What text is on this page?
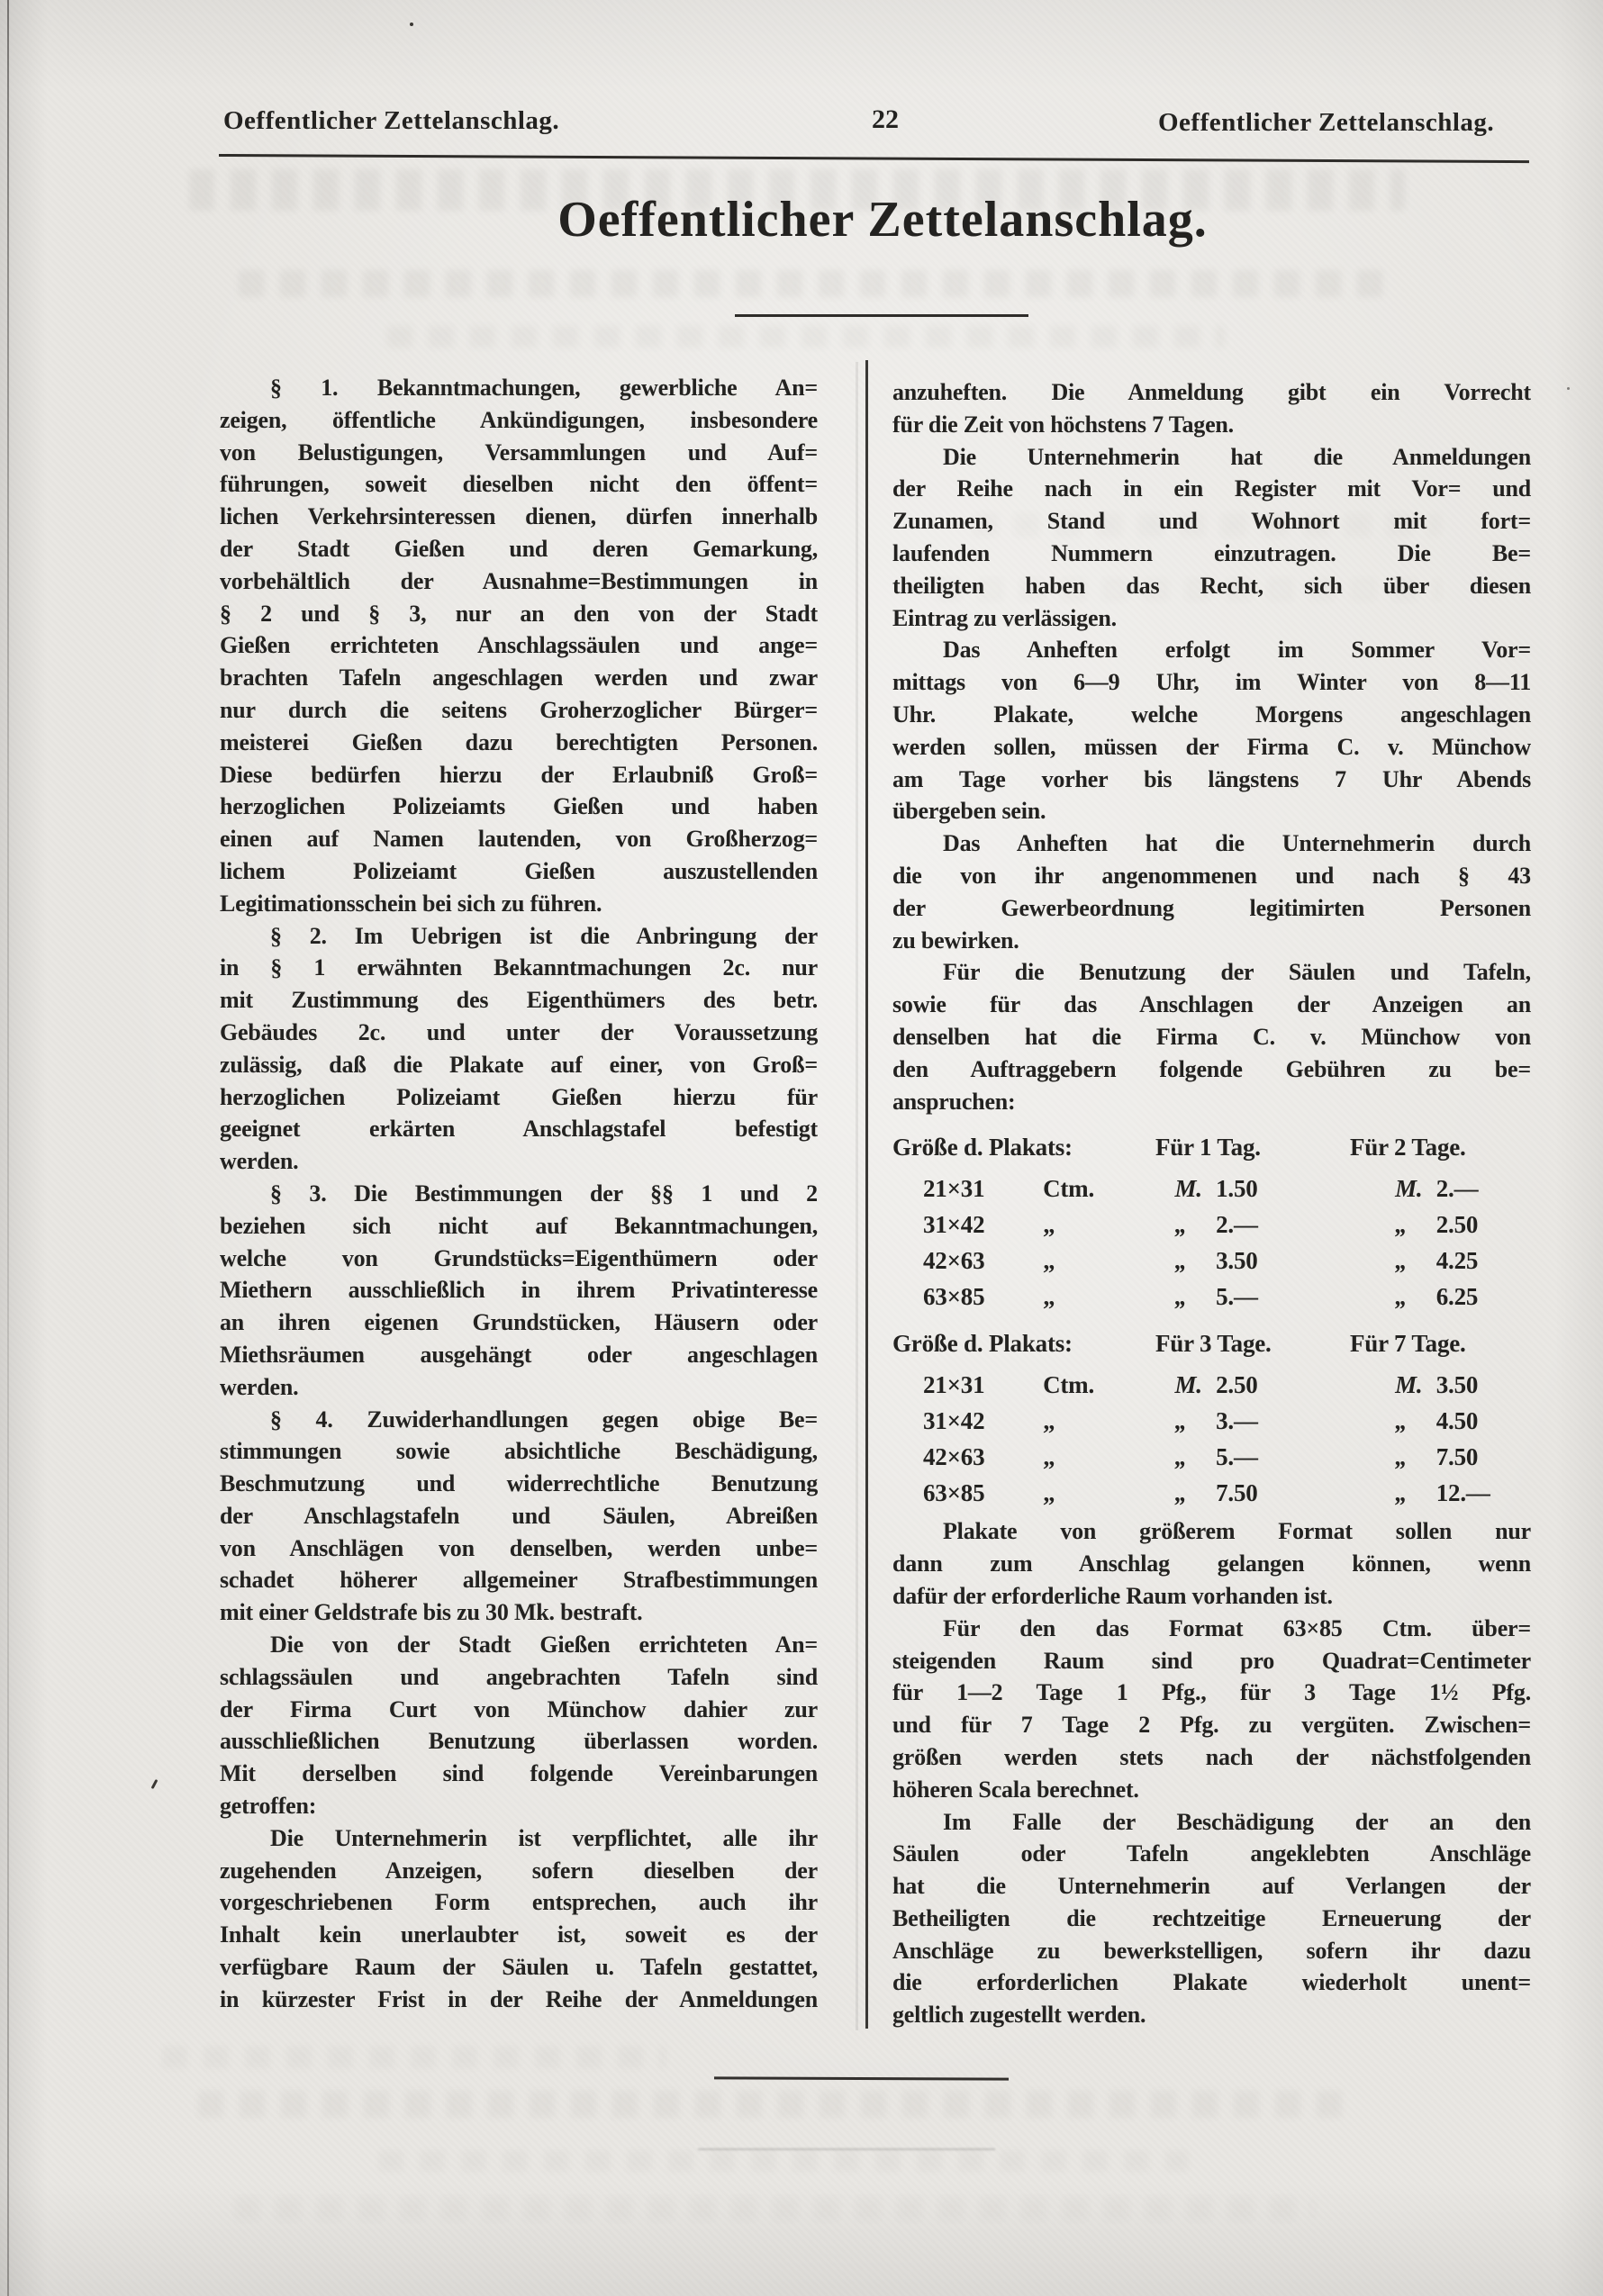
Oeffentlicher Zettelanschlag.	22	Oeffentlicher Zettelanschlag.
Oeffentlicher Zettelanschlag.
§ 1. Bekanntmachungen, gewerbliche An=
zeigen, öffentliche Ankündigungen, insbesondere
von Belustigungen, Versammlungen und Auf=
führungen, soweit dieselben nicht den öffent=
lichen Verkehrsinteressen dienen, dürfen innerhalb
der Stadt Gießen und deren Gemarkung,
vorbehältlich der Ausnahme=Bestimmungen in
§ 2 und § 3, nur an den von der Stadt
Gießen errichteten Anschlagssäulen und ange=
brachten Tafeln angeschlagen werden und zwar
nur durch die seitens Groherzoglicher Bürger=
meisterei Gießen dazu berechtigten Personen.
Diese bedürfen hierzu der Erlaubniß Groß=
herzoglichen Polizeiamts Gießen und haben
einen auf Namen lautenden, von Großherzog=
lichem Polizeiamt Gießen auszustellenden
Legitimationsschein bei sich zu führen.
§ 2. Im Uebrigen ist die Anbringung der
in § 1 erwähnten Bekanntmachungen 2c. nur
mit Zustimmung des Eigenthümers des betr.
Gebäudes 2c. und unter der Voraussetzung
zulässig, daß die Plakate auf einer, von Groß=
herzoglichen Polizeiamt Gießen hierzu für
geeignet erkärten Anschlagstafel befestigt
werden.
§ 3. Die Bestimmungen der §§ 1 und 2
beziehen sich nicht auf Bekanntmachungen,
welche von Grundstücks=Eigenthümern oder
Miethern ausschließlich in ihrem Privatinteresse
an ihren eigenen Grundstücken, Häusern oder
Miethsräumen ausgehängt oder angeschlagen
werden.
§ 4. Zuwiderhandlungen gegen obige Be=
stimmungen sowie absichtliche Beschädigung,
Beschmutzung und widerrechtliche Benutzung
der Anschlagstafeln und Säulen, Abreißen
von Anschlägen von denselben, werden unbe=
schadet höherer allgemeiner Strafbestimmungen
mit einer Geldstrafe bis zu 30 Mk. bestraft.
Die von der Stadt Gießen errichteten An=
schlagssäulen und angebrachten Tafeln sind
der Firma Curt von Münchow dahier zur
ausschließlichen Benutzung überlassen worden.
Mit derselben sind folgende Vereinbarungen
getroffen:
Die Unternehmerin ist verpflichtet, alle ihr
zugehenden Anzeigen, sofern dieselben der
vorgeschriebenen Form entsprechen, auch ihr
Inhalt kein unerlaubter ist, soweit es der
verfügbare Raum der Säulen u. Tafeln gestattet,
in kürzester Frist in der Reihe der Anmeldungen
anzuheften. Die Anmeldung gibt ein Vorrecht
für die Zeit von höchstens 7 Tagen.
Die Unternehmerin hat die Anmeldungen
der Reihe nach in ein Register mit Vor= und
Zunamen, Stand und Wohnort mit fort=
laufenden Nummern einzutragen. Die Be=
theiligten haben das Recht, sich über diesen
Eintrag zu verlässigen.
Das Anheften erfolgt im Sommer Vor=
mittags von 6—9 Uhr, im Winter von 8—11
Uhr. Plakate, welche Morgens angeschlagen
werden sollen, müssen der Firma C. v. Münchow
am Tage vorher bis längstens 7 Uhr Abends
übergeben sein.
Das Anheften hat die Unternehmerin durch
die von ihr angenommenen und nach § 43
der Gewerbeordnung legitimirten Personen
zu bewirken.
Für die Benutzung der Säulen und Tafeln,
sowie für das Anschlagen der Anzeigen an
denselben hat die Firma C. v. Münchow von
den Auftraggebern folgende Gebühren zu be=
anspruchen:
Größe d. Plakats:	Für 1 Tag.	Für 2 Tage.
21×31	Ctm.	M. 1.50	M. 2.—
31×42	„	„	2.—	„	2.50
42×63	„	„	3.50	„	4.25
63×85	„	„	5.—	„	6.25
Größe d. Plakats:	Für 3 Tage.	Für 7 Tage.
21×31	Ctm.	M. 2.50	M. 3.50
31×42	„	„	3.—	„	4.50
42×63	„	„	5.—	„	7.50
63×85	„	„	7.50	„	12.—
Plakate von größerem Format sollen nur
dann zum Anschlag gelangen können, wenn
dafür der erforderliche Raum vorhanden ist.
Für den das Format 63×85 Ctm. über=
steigenden Raum sind pro Quadrat=Centimeter
für 1—2 Tage 1 Pfg., für 3 Tage 1½ Pfg.
und für 7 Tage 2 Pfg. zu vergüten. Zwischen=
größen werden stets nach der nächstfolgenden
höheren Scala berechnet.
Im Falle der Beschädigung der an den
Säulen oder Tafeln angeklebten Anschläge
hat die Unternehmerin auf Verlangen der
Betheiligten die rechtzeitige Erneuerung der
Anschläge zu bewerkstelligen, sofern ihr dazu
die erforderlichen Plakate wiederholt unent=
geltlich zugestellt werden.
